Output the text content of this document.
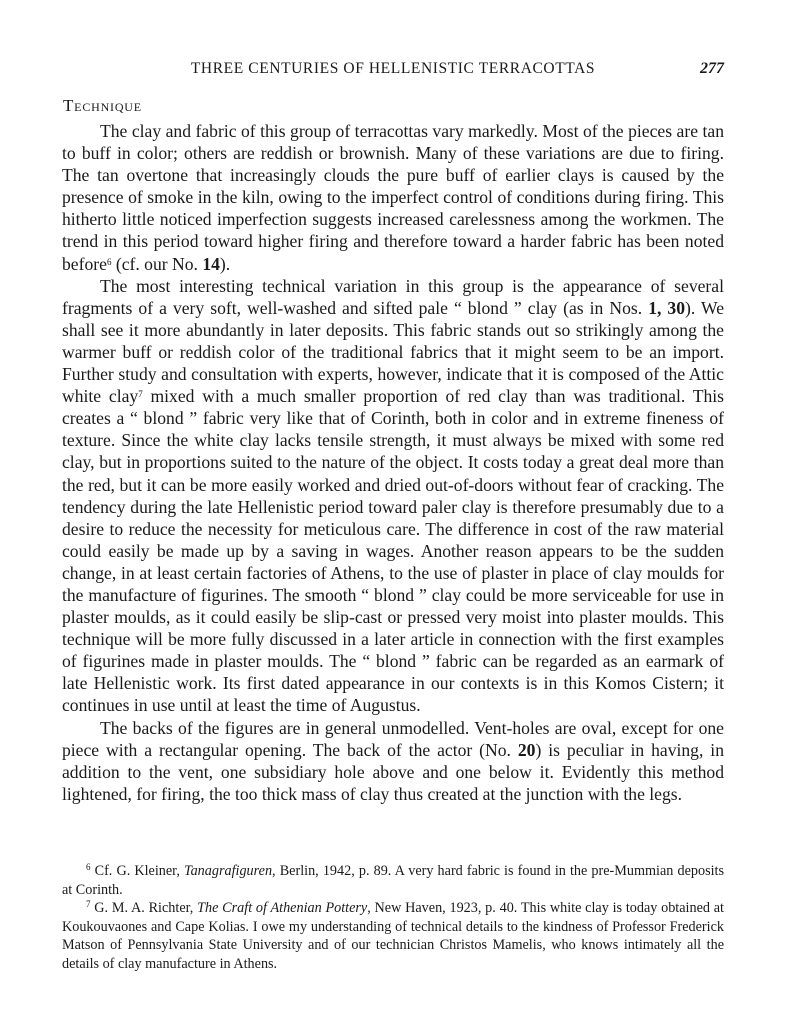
THREE CENTURIES OF HELLENISTIC TERRACOTTAS	277
Technique

The clay and fabric of this group of terracottas vary markedly. Most of the pieces are tan to buff in color; others are reddish or brownish. Many of these variations are due to firing. The tan overtone that increasingly clouds the pure buff of earlier clays is caused by the presence of smoke in the kiln, owing to the imperfect control of conditions during firing. This hitherto little noticed imperfection suggests increased carelessness among the workmen. The trend in this period toward higher firing and therefore toward a harder fabric has been noted before$^6$ (cf. our No. 14).

The most interesting technical variation in this group is the appearance of several fragments of a very soft, well-washed and sifted pale “ blond ” clay (as in Nos. 1, 30). We shall see it more abundantly in later deposits. This fabric stands out so strikingly among the warmer buff or reddish color of the traditional fabrics that it might seem to be an import. Further study and consultation with experts, however, indicate that it is composed of the Attic white clay$^7$ mixed with a much smaller proportion of red clay than was traditional. This creates a “ blond ” fabric very like that of Corinth, both in color and in extreme fineness of texture. Since the white clay lacks tensile strength, it must always be mixed with some red clay, but in proportions suited to the nature of the object. It costs today a great deal more than the red, but it can be more easily worked and dried out-of-doors without fear of cracking. The tendency during the late Hellenistic period toward paler clay is therefore presumably due to a desire to reduce the necessity for meticulous care. The difference in cost of the raw material could easily be made up by a saving in wages. Another reason appears to be the sudden change, in at least certain factories of Athens, to the use of plaster in place of clay moulds for the manufacture of figurines. The smooth “ blond ” clay could be more serviceable for use in plaster moulds, as it could easily be slip-cast or pressed very moist into plaster moulds. This technique will be more fully discussed in a later article in connection with the first examples of figurines made in plaster moulds. The “ blond ” fabric can be regarded as an earmark of late Hellenistic work. Its first dated appearance in our contexts is in this Komos Cistern; it continues in use until at least the time of Augustus.

The backs of the figures are in general unmodelled. Vent-holes are oval, except for one piece with a rectangular opening. The back of the actor (No. 20) is peculiar in having, in addition to the vent, one subsidiary hole above and one below it. Evidently this method lightened, for firing, the too thick mass of clay thus created at the junction with the legs.

$^6$ Cf. G. Kleiner, Tanagrafiguren, Berlin, 1942, p. 89. A very hard fabric is found in the pre-Mummian deposits at Corinth.

$^7$ G. M. A. Richter, The Craft of Athenian Pottery, New Haven, 1923, p. 40. This white clay is today obtained at Koukouvaones and Cape Kolias. I owe my understanding of technical details to the kindness of Professor Frederick Matson of Pennsylvania State University and of our technician Christos Mamelis, who knows intimately all the details of clay manufacture in Athens.
